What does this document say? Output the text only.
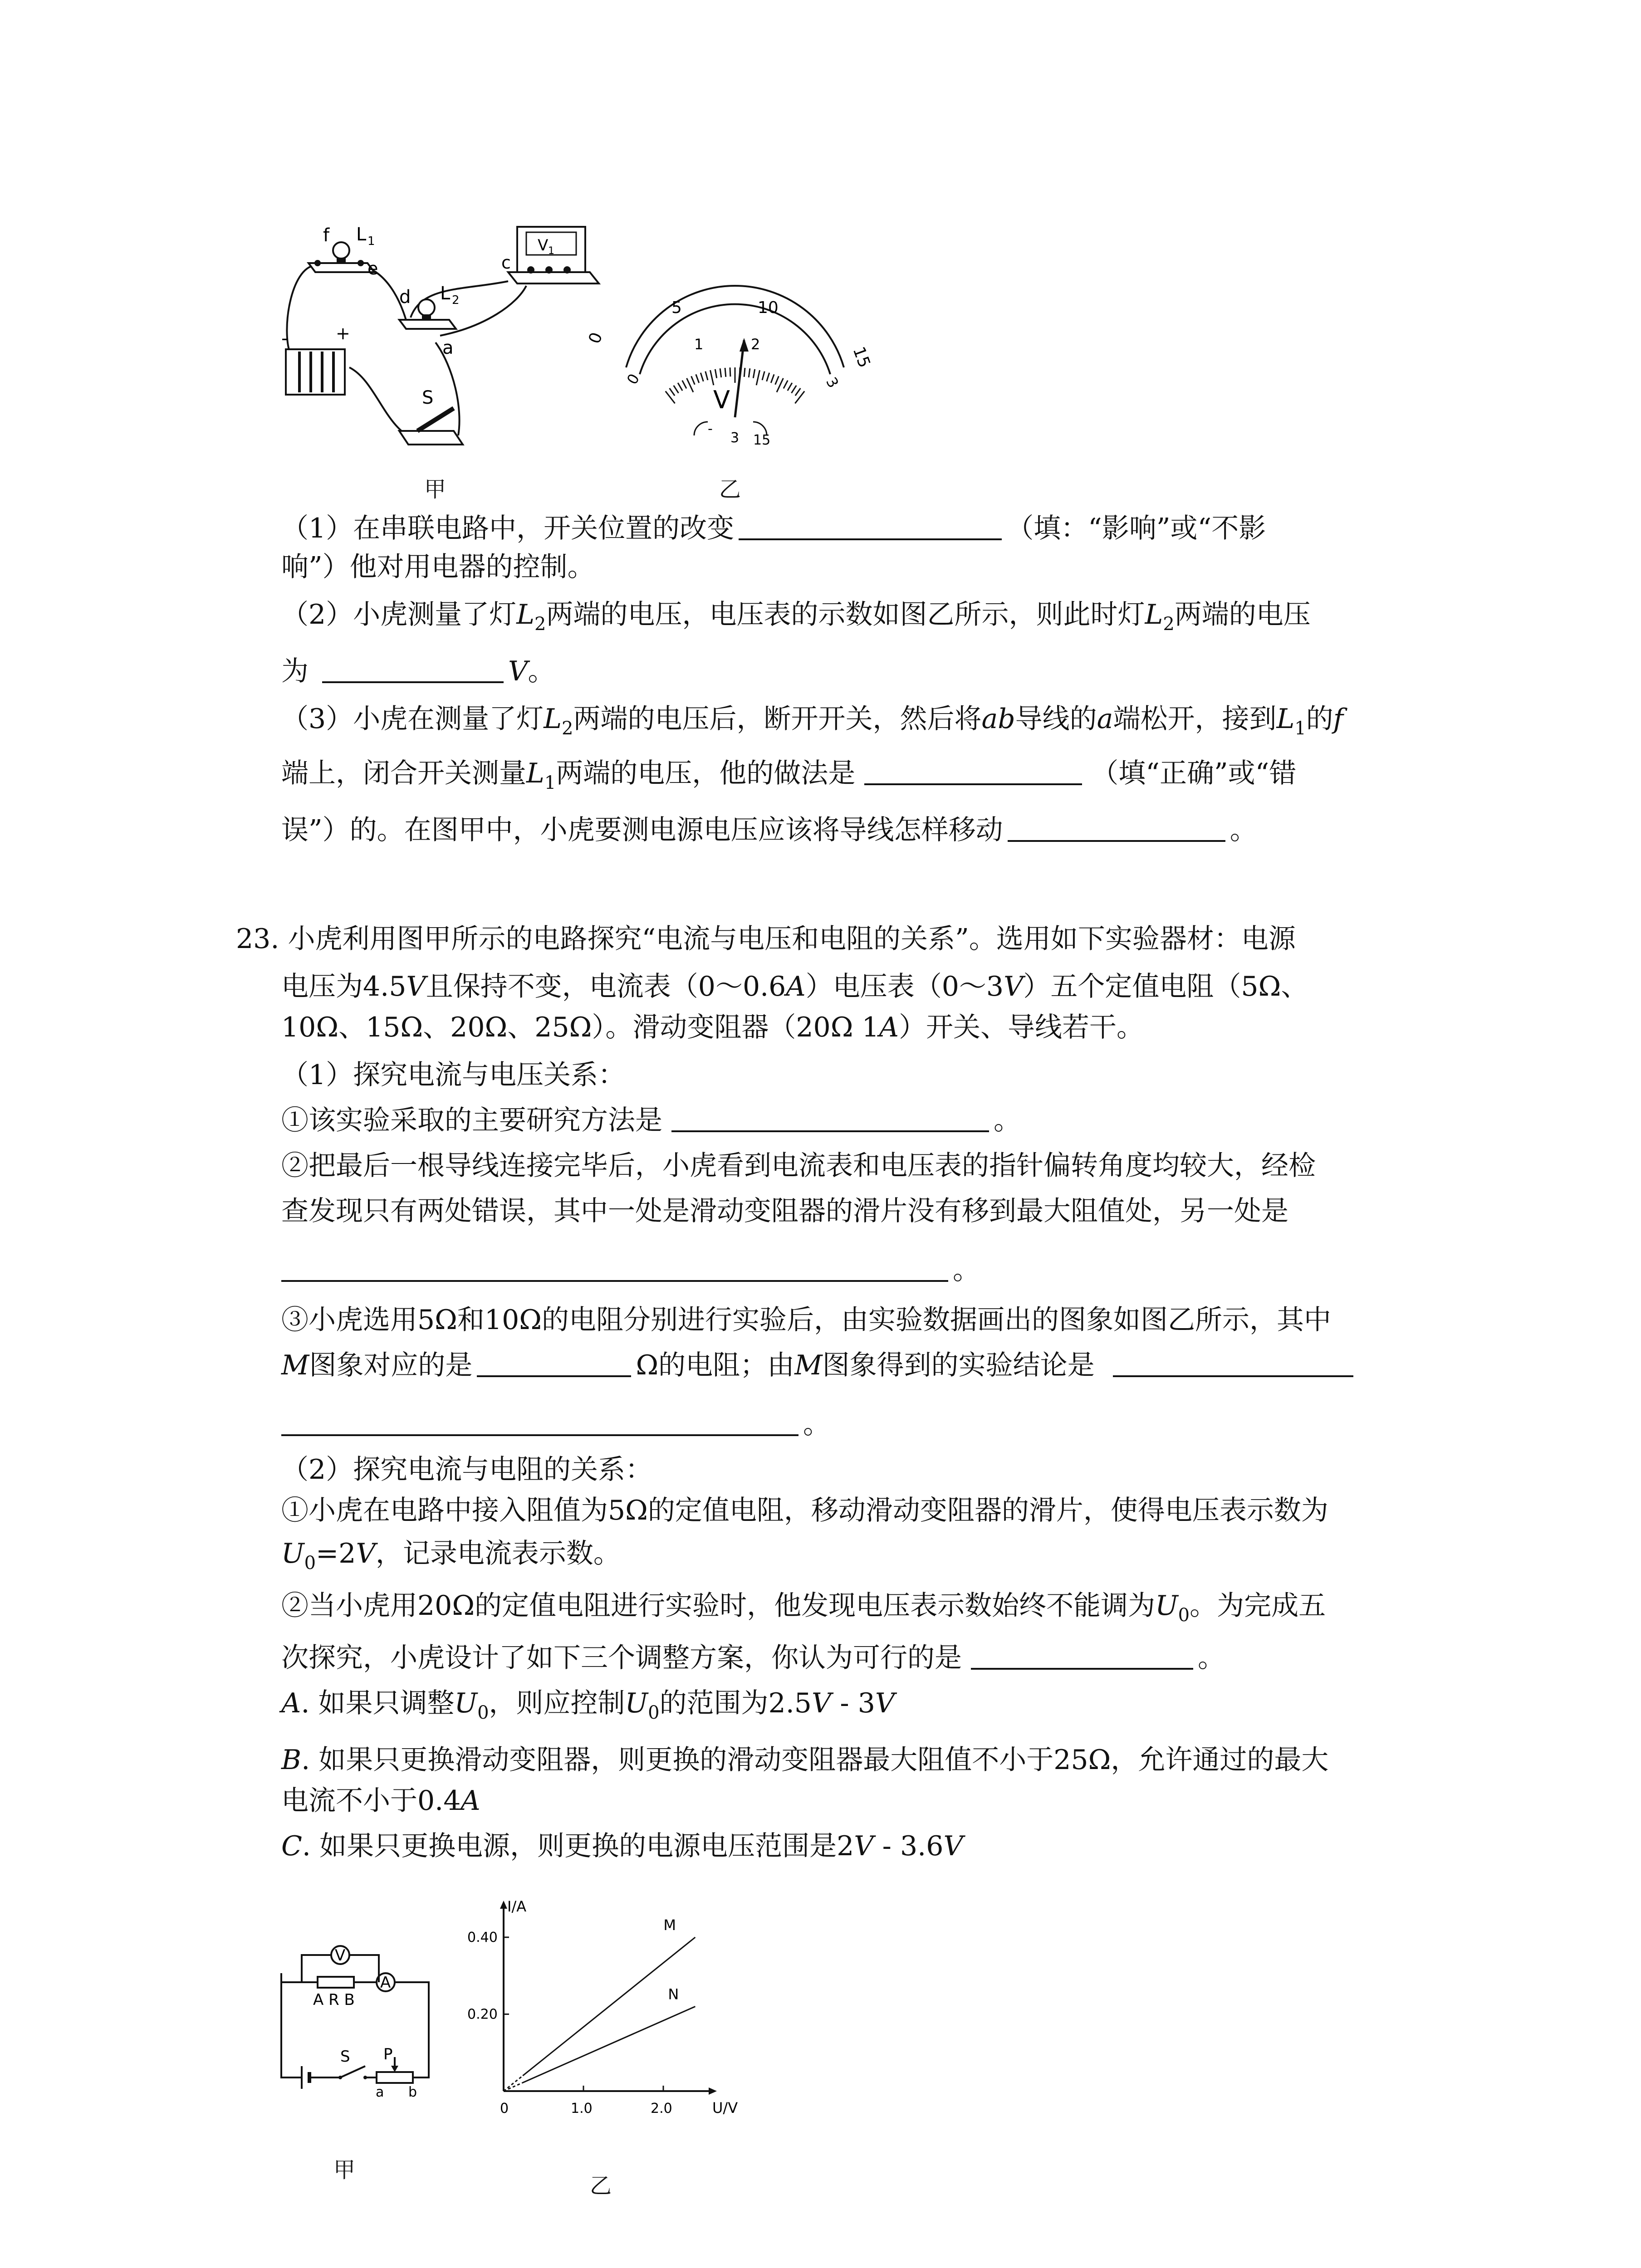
f L 1
e
d L 2
a
V 1
c
-	+
S
0
5	10
15
0
1	2
3
V
-
3 15
甲	乙
（1）在串联电路中，开关位置的改变	（填：“影响”或“不影
响”）他对用电器的控制。
（2）小虎测量了灯$L_2$两端的电压，电压表的示数如图乙所示，则此时灯$L_2$两端的电压
为	V。
（3）小虎在测量了灯$L_2$两端的电压后，断开开关，然后将ab导线的a端松开，接到$L_1$的f
端上，闭合开关测量$L_1$两端的电压，他的做法是	（填“正确”或“错
误”）的。在图甲中，小虎要测电源电压应该将导线怎样移动	。
23. 小虎利用图甲所示的电路探究“电流与电压和电阻的关系”。选用如下实验器材：电源
电压为4.5V且保持不变，电流表（0～0.6A）电压表（0～3V）五个定值电阻（5Ω、
10Ω、15Ω、20Ω、25Ω）。滑动变阻器（20Ω 1A）开关、导线若干。
（1）探究电流与电压关系：
①该实验采取的主要研究方法是	。
②把最后一根导线连接完毕后，小虎看到电流表和电压表的指针偏转角度均较大，经检
查发现只有两处错误，其中一处是滑动变阻器的滑片没有移到最大阻值处，另一处是
。
③小虎选用5Ω和10Ω的电阻分别进行实验后，由实验数据画出的图象如图乙所示，其中
M图象对应的是	Ω的电阻；由M图象得到的实验结论是
。
（2）探究电流与电阻的关系：
①小虎在电路中接入阻值为5Ω的定值电阻，移动滑动变阻器的滑片，使得电压表示数为
$U_0=2V$，记录电流表示数。
②当小虎用20Ω的定值电阻进行实验时，他发现电压表示数始终不能调为$U_0$。为完成五
次探究，小虎设计了如下三个调整方案，你认为可行的是	。
A. 如果只调整$U_0$，则应控制$U_0$的范围为2.5V - 3V
B. 如果只更换滑动变阻器，则更换的滑动变阻器最大阻值不小于25Ω，允许通过的最大
电流不小于0.4A
C. 如果只更换电源，则更换的电源电压范围是2V - 3.6V
V
A
A R B
S P
a b
0	1.0	2.0
0.20
0.40
U/V
I/A
M
N
甲
乙
